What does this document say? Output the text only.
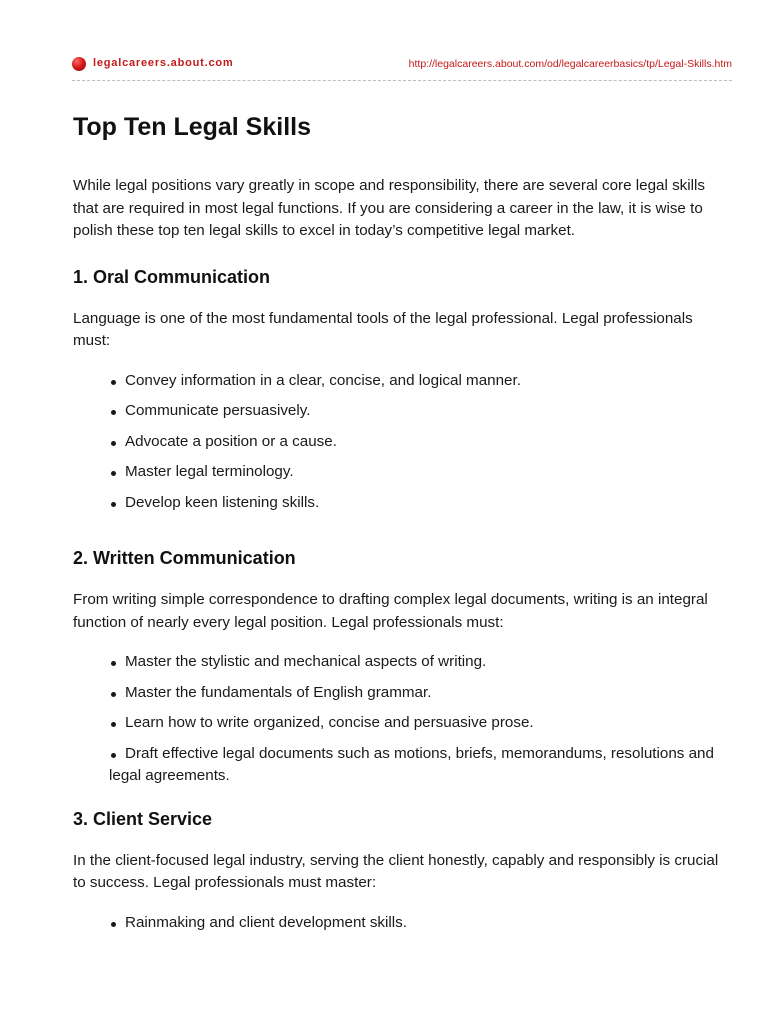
legalcareers.about.com	http://legalcareers.about.com/od/legalcareerbasics/tp/Legal-Skills.htm
Top Ten Legal Skills

While legal positions vary greatly in scope and responsibility, there are several core legal skills that are required in most legal functions. If you are considering a career in the law, it is wise to polish these top ten legal skills to excel in today’s competitive legal market.

1. Oral Communication

Language is one of the most fundamental tools of the legal professional. Legal professionals must:

Convey information in a clear, concise, and logical manner.
Communicate persuasively.
Advocate a position or a cause.
Master legal terminology.
Develop keen listening skills.
2. Written Communication

From writing simple correspondence to drafting complex legal documents, writing is an integral function of nearly every legal position. Legal professionals must:

Master the stylistic and mechanical aspects of writing.
Master the fundamentals of English grammar.
Learn how to write organized, concise and persuasive prose.
Draft effective legal documents such as motions, briefs, memorandums, resolutions and legal agreements.
3. Client Service

In the client-focused legal industry, serving the client honestly, capably and responsibly is crucial to success. Legal professionals must master:

Rainmaking and client development skills.
